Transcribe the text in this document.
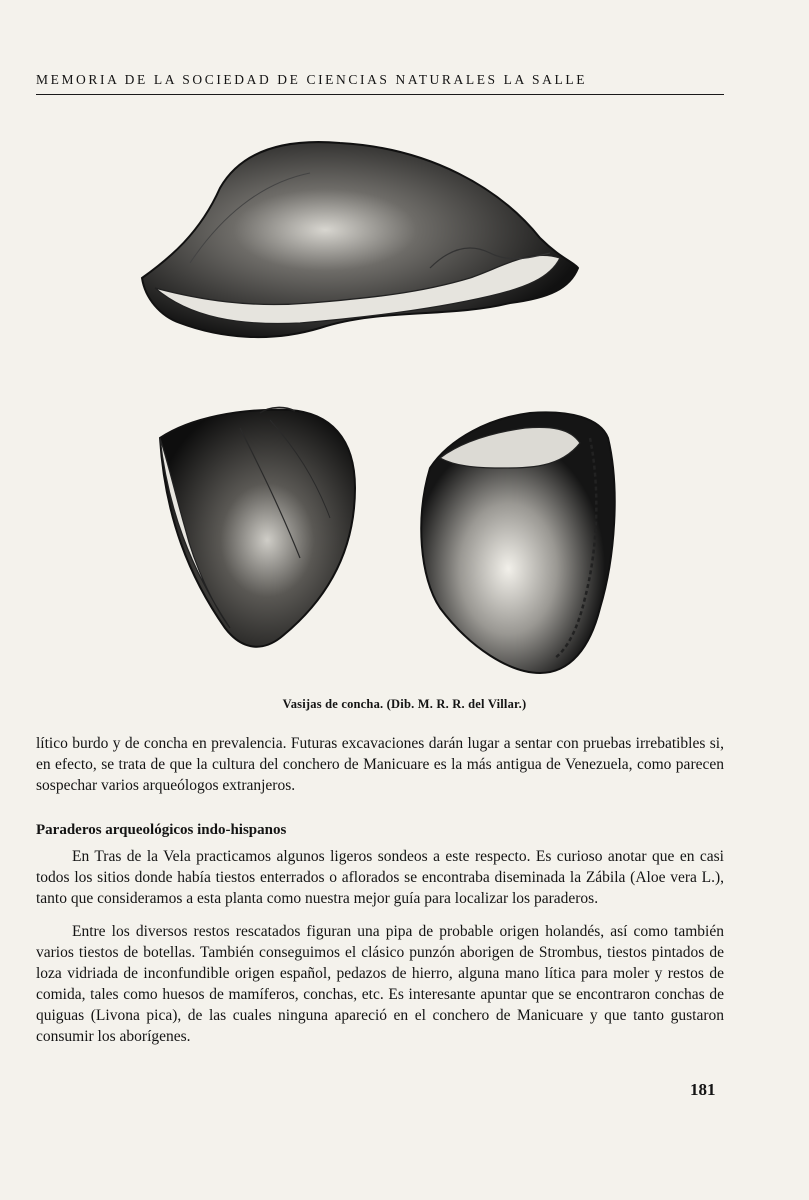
MEMORIA DE LA SOCIEDAD DE CIENCIAS NATURALES LA SALLE
Vasijas de concha. (Dib. M. R. R. del Villar.)

lítico burdo y de concha en prevalencia. Futuras excavaciones darán lugar a sentar con pruebas irrebatibles si, en efecto, se trata de que la cultura del conchero de Manicuare es la más antigua de Venezuela, como parecen sospechar varios arqueólogos extranjeros.

Paraderos arqueológicos indo-hispanos

En Tras de la Vela practicamos algunos ligeros sondeos a este respecto. Es curioso anotar que en casi todos los sitios donde había tiestos enterrados o aflorados se encontraba diseminada la Zábila (Aloe vera L.), tanto que consideramos a esta planta como nuestra mejor guía para localizar los paraderos.

Entre los diversos restos rescatados figuran una pipa de probable origen holandés, así como también varios tiestos de botellas. También conseguimos el clásico punzón aborigen de Strombus, tiestos pintados de loza vidriada de inconfundible origen español, pedazos de hierro, alguna mano lítica para moler y restos de comida, tales como huesos de mamíferos, conchas, etc. Es interesante apuntar que se encontraron conchas de quiguas (Livona pica), de las cuales ninguna apareció en el conchero de Manicuare y que tanto gustaron consumir los aborígenes.

181
